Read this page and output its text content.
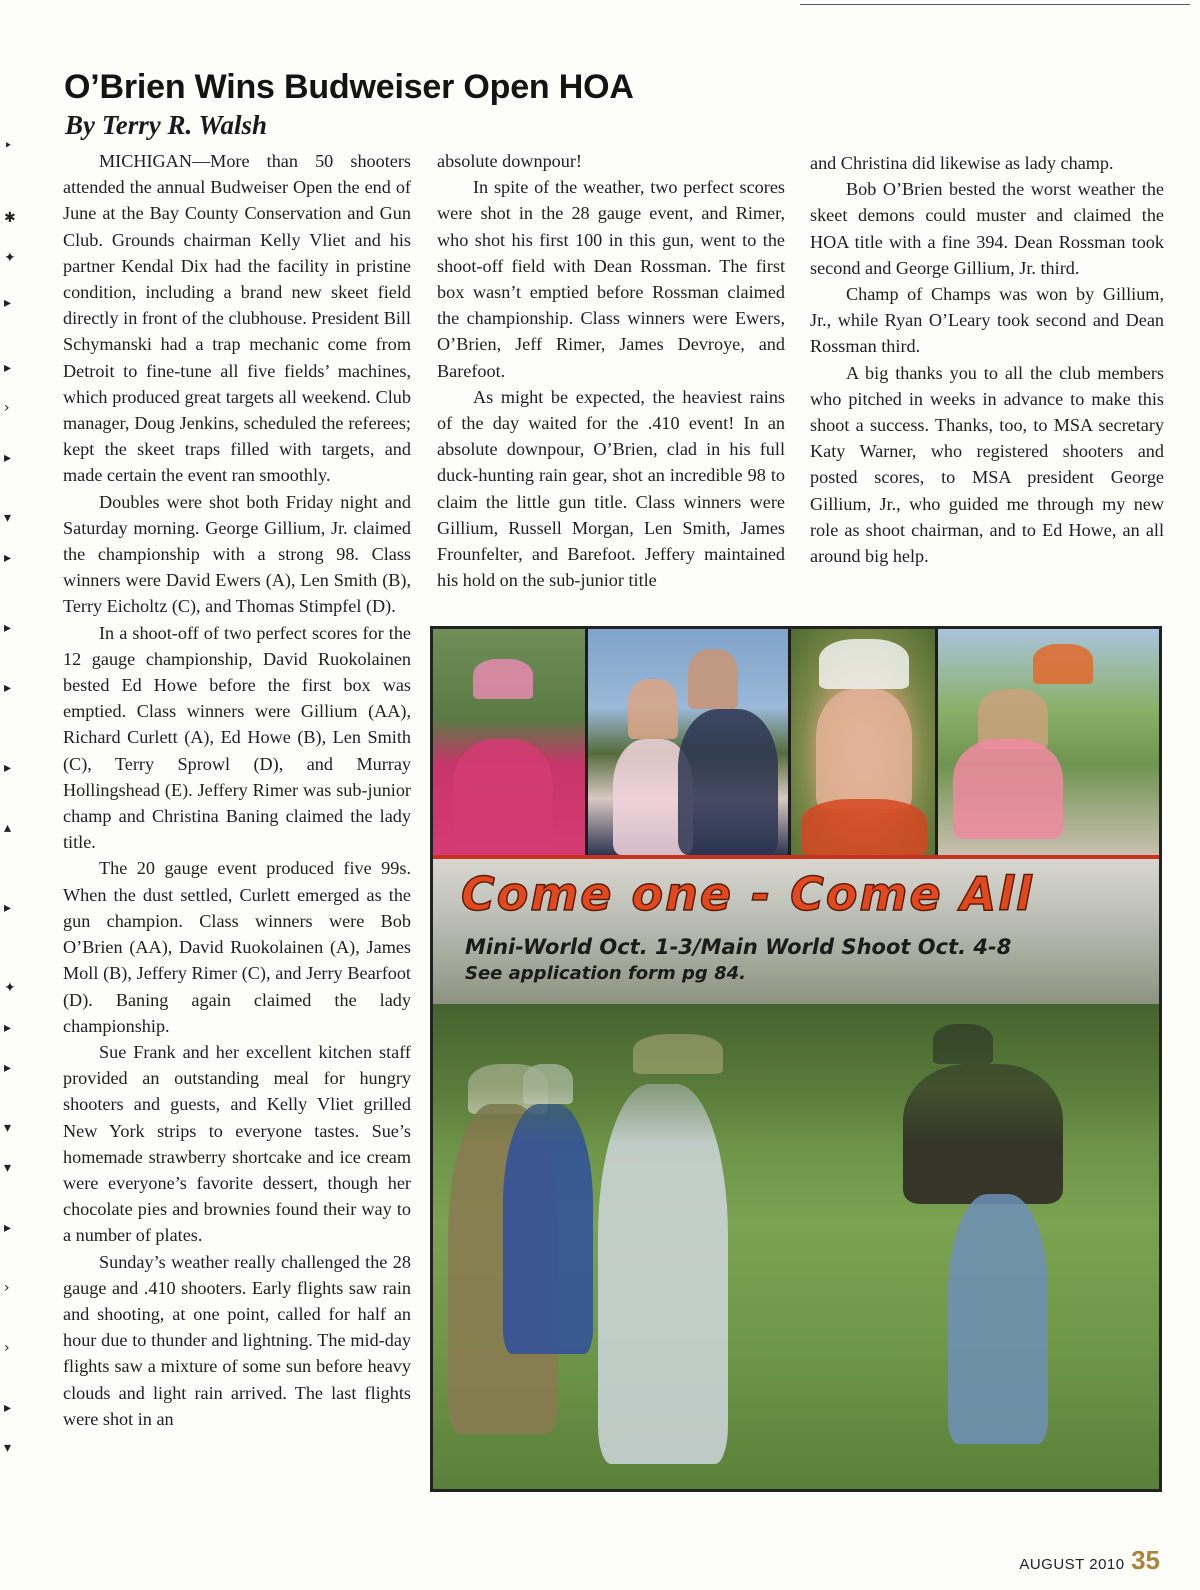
‣
✱
✦
▸
▸
›
▸
▾
▸
▸
▸
▸
▴
▸
✦
▸
▸
▾
▾
▸
›
›
▸
▾
O’Brien Wins Budweiser Open HOA

By Terry R. Walsh

MICHIGAN—More than 50 shooters attended the annual Budweiser Open the end of June at the Bay County Conservation and Gun Club. Grounds chairman Kelly Vliet and his partner Kendal Dix had the facility in pristine condition, including a brand new skeet field directly in front of the clubhouse. President Bill Schymanski had a trap mechanic come from Detroit to fine-tune all five fields’ machines, which produced great targets all weekend. Club manager, Doug Jenkins, scheduled the referees; kept the skeet traps filled with targets, and made certain the event ran smoothly.

Doubles were shot both Friday night and Saturday morning. George Gillium, Jr. claimed the championship with a strong 98. Class winners were David Ewers (A), Len Smith (B), Terry Eicholtz (C), and Thomas Stimpfel (D).

In a shoot-off of two perfect scores for the 12 gauge championship, David Ruokolainen bested Ed Howe before the first box was emptied. Class winners were Gillium (AA), Richard Curlett (A), Ed Howe (B), Len Smith (C), Terry Sprowl (D), and Murray Hollingshead (E). Jeffery Rimer was sub-junior champ and Christina Baning claimed the lady title.

The 20 gauge event produced five 99s. When the dust settled, Curlett emerged as the gun champion. Class winners were Bob O’Brien (AA), David Ruokolainen (A), James Moll (B), Jeffery Rimer (C), and Jerry Bearfoot (D). Baning again claimed the lady championship.

Sue Frank and her excellent kitchen staff provided an outstanding meal for hungry shooters and guests, and Kelly Vliet grilled New York strips to everyone tastes. Sue’s homemade strawberry shortcake and ice cream were everyone’s favorite dessert, though her chocolate pies and brownies found their way to a number of plates.

Sunday’s weather really challenged the 28 gauge and .410 shooters. Early flights saw rain and shooting, at one point, called for half an hour due to thunder and lightning. The mid-day flights saw a mixture of some sun before heavy clouds and light rain arrived. The last flights were shot in an

absolute downpour!

In spite of the weather, two perfect scores were shot in the 28 gauge event, and Rimer, who shot his first 100 in this gun, went to the shoot-off field with Dean Rossman. The first box wasn’t emptied before Rossman claimed the championship. Class winners were Ewers, O’Brien, Jeff Rimer, James Devroye, and Barefoot.

As might be expected, the heaviest rains of the day waited for the .410 event! In an absolute downpour, O’Brien, clad in his full duck-hunting rain gear, shot an incredible 98 to claim the little gun title. Class winners were Gillium, Russell Morgan, Len Smith, James Frounfelter, and Barefoot. Jeffery maintained his hold on the sub-junior title

and Christina did likewise as lady champ.

Bob O’Brien bested the worst weather the skeet demons could muster and claimed the HOA title with a fine 394. Dean Rossman took second and George Gillium, Jr. third.

Champ of Champs was won by Gillium, Jr., while Ryan O’Leary took second and Dean Rossman third.

A big thanks you to all the club members who pitched in weeks in advance to make this shoot a success. Thanks, too, to MSA secretary Katy Warner, who registered shooters and posted scores, to MSA president George Gillium, Jr., who guided me through my new role as shoot chairman, and to Ed Howe, an all around big help.

Come one - Come All

Mini-World Oct. 1-3/Main World Shoot Oct. 4-8

See application form pg 84.

AUGUST 2010 35
